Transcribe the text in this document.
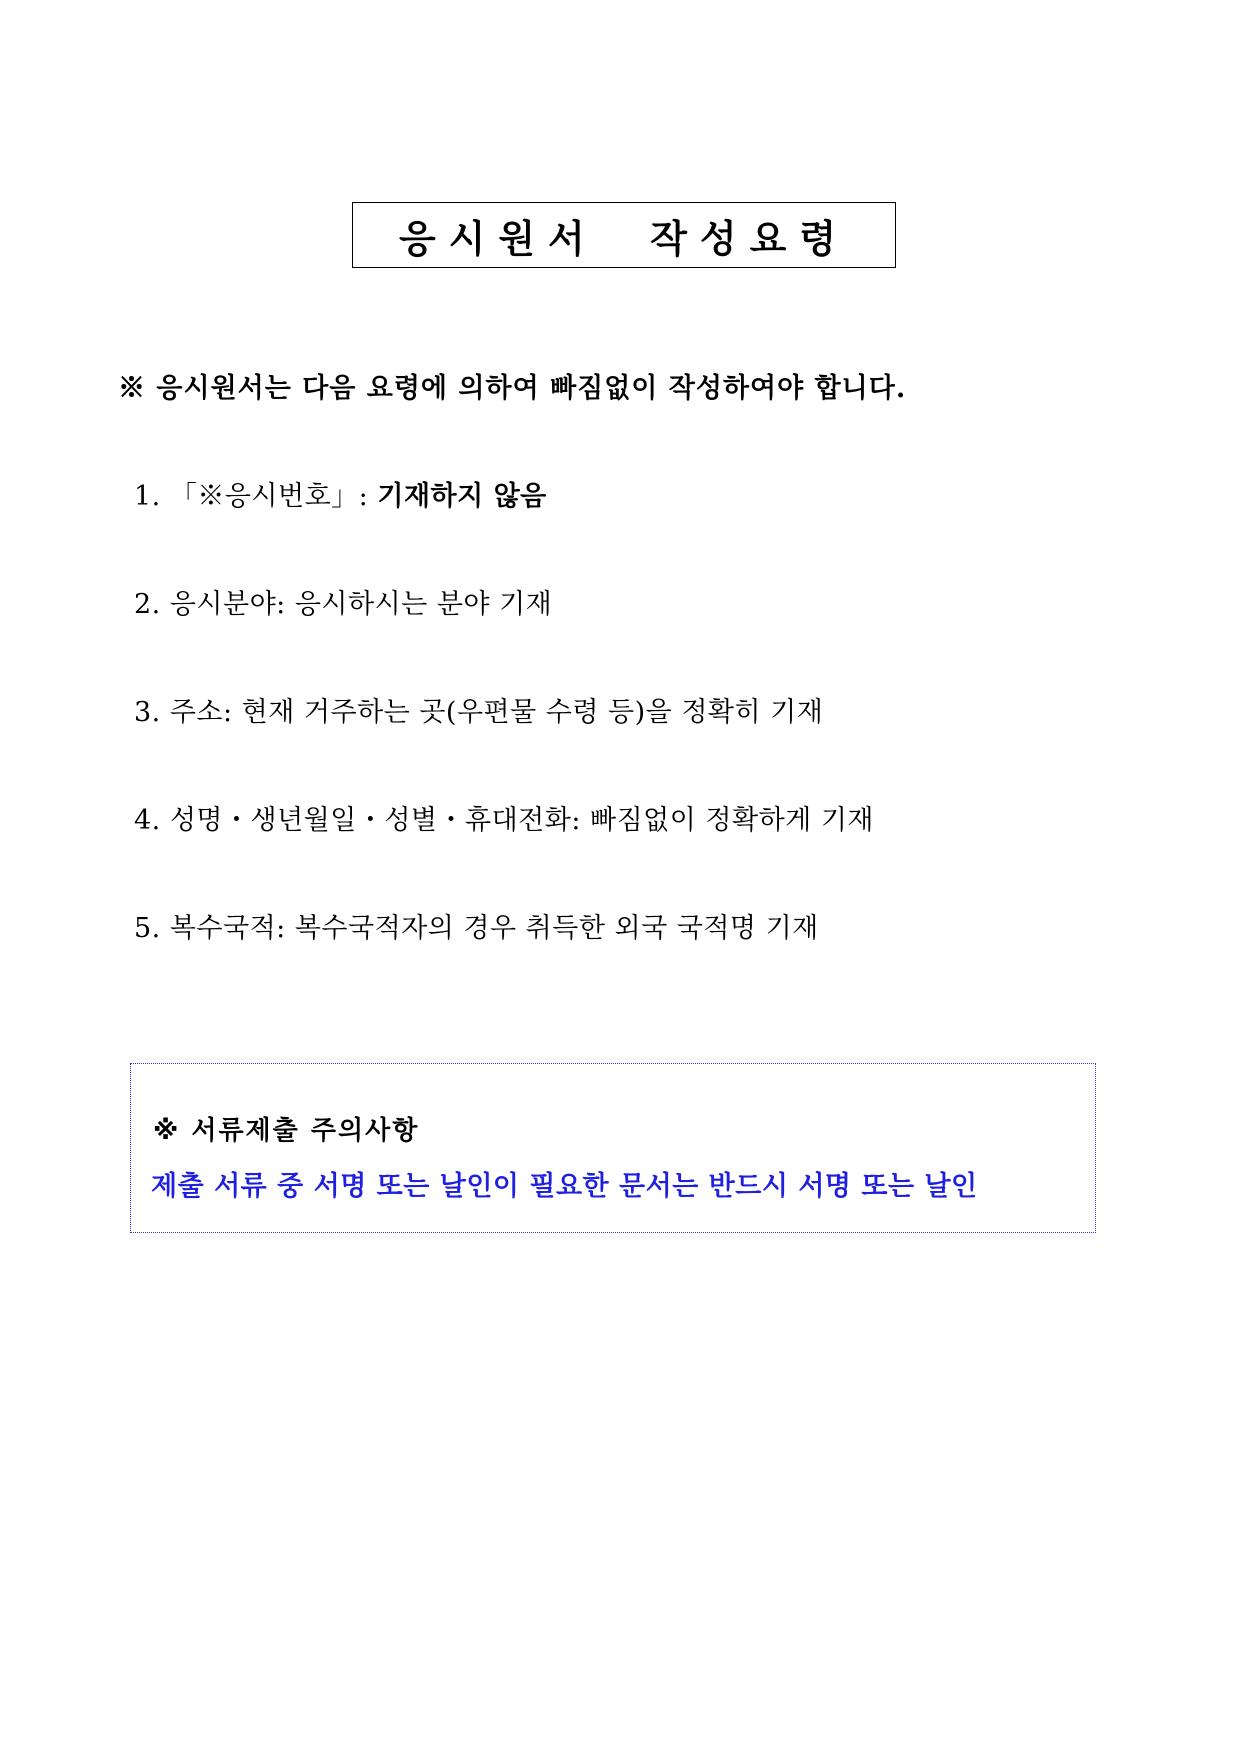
응시원서  작성요령
※ 응시원서는 다음 요령에 의하여 빠짐없이 작성하여야 합니다.
1. 「※응시번호」: 기재하지 않음
2. 응시분야: 응시하시는 분야 기재
3. 주소: 현재 거주하는 곳(우편물 수령 등)을 정확히 기재
4. 성명・생년월일・성별・휴대전화: 빠짐없이 정확하게 기재
5. 복수국적: 복수국적자의 경우 취득한 외국 국적명 기재
※ 서류제출 주의사항
제출 서류 중 서명 또는 날인이 필요한 문서는 반드시 서명 또는 날인
